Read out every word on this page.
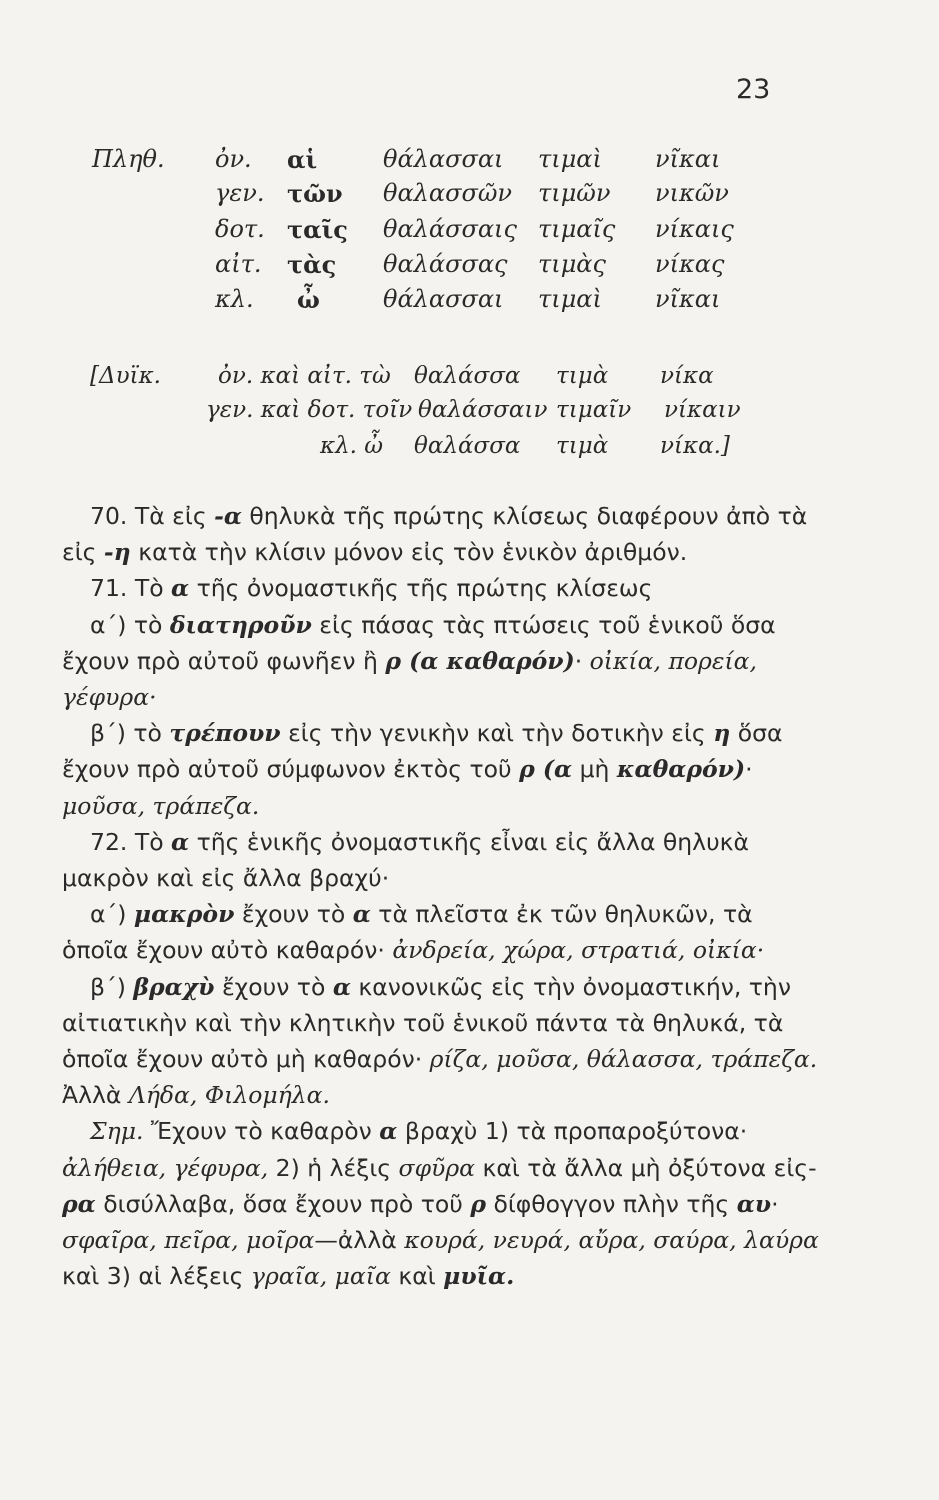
23
Πληθ. ὀν. αἱ	θάλασσαι τιμαὶ νῖκαι
γεν. τῶν θαλασσῶν τιμῶν νικῶν
δοτ. ταῖς θαλάσσαις τιμαῖς νίκαις
αἰτ. τὰς θαλάσσας τιμὰς νίκας
κλ. ὦ	θάλασσαι τιμαὶ νῖκαι
[Δυϊκ. ὀν. καὶ αἰτ. τὼ θαλάσσα τιμὰ νίκα
γεν. καὶ δοτ. τοῖν θαλάσσαιν τιμαῖν νίκαιν
κλ. ὦ θαλάσσα τιμὰ νίκα.]

70. Τὰ εἰς -α θηλυκὰ τῆς πρώτης κλίσεως διαφέρουν ἀπὸ τὰ εἰς -η κατὰ τὴν κλίσιν μόνον εἰς τὸν ἑνικὸν ἀριθμόν.

71. Τὸ α τῆς ὀνομαστικῆς τῆς πρώτης κλίσεως

α΄) τὸ διατηροῦν εἰς πάσας τὰς πτώσεις τοῦ ἑνικοῦ ὅσα ἔχουν πρὸ αὐτοῦ φωνῆεν ἢ ρ (α καθαρόν)· οἰκία, πορεία, γέφυρα·

β΄) τὸ τρέπουν εἰς τὴν γενικὴν καὶ τὴν δοτικὴν εἰς η ὅσα ἔχουν πρὸ αὐτοῦ σύμφωνον ἐκτὸς τοῦ ρ (α μὴ καθαρόν)· μοῦσα, τράπεζα.

72. Τὸ α τῆς ἑνικῆς ὀνομαστικῆς εἶναι εἰς ἄλλα θηλυκὰ μακρὸν καὶ εἰς ἄλλα βραχύ·

α΄) μακρὸν ἔχουν τὸ α τὰ πλεῖστα ἐκ τῶν θηλυκῶν, τὰ ὁποῖα ἔχουν αὐτὸ καθαρόν· ἀνδρεία, χώρα, στρατιά, οἰκία·

β΄) βραχὺ ἔχουν τὸ α κανονικῶς εἰς τὴν ὀνομαστικήν, τὴν αἰτιατικὴν καὶ τὴν κλητικὴν τοῦ ἑνικοῦ πάντα τὰ θηλυκά, τὰ ὁποῖα ἔχουν αὐτὸ μὴ καθαρόν· ρίζα, μοῦσα, θάλασσα, τράπεζα. Ἀλλὰ Λήδα, Φιλομήλα.

Σημ. Ἔχουν τὸ καθαρὸν α βραχὺ 1) τὰ προπαροξύτονα· ἀλήθεια, γέφυρα, 2) ἡ λέξις σφῦρα καὶ τὰ ἄλλα μὴ ὀξύτονα εἰς-ρα δισύλλαβα, ὅσα ἔχουν πρὸ τοῦ ρ δίφθογγον πλὴν τῆς αυ· σφαῖρα, πεῖρα, μοῖρα—ἀλλὰ κουρά, νευρά, αὔρα, σαύρα, λαύρα καὶ 3) αἱ λέξεις γραῖα, μαῖα καὶ μυῖα.
